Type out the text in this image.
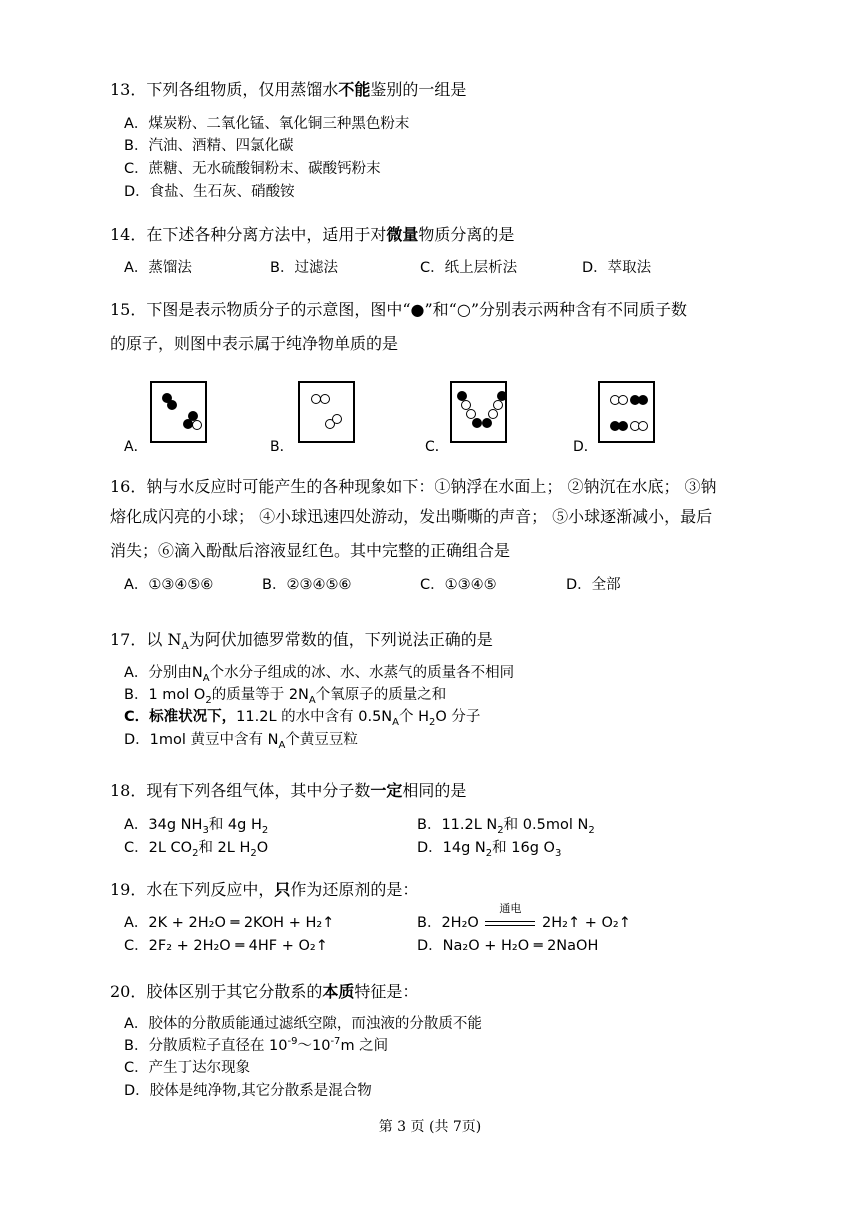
13．下列各组物质，仅用蒸馏水不能鉴别的一组是
A．煤炭粉、二氧化锰、氧化铜三种黑色粉末
B．汽油、酒精、四氯化碳
C．蔗糖、无水硫酸铜粉末、碳酸钙粉末
D．食盐、生石灰、硝酸铵
14．在下述各种分离方法中，适用于对微量物质分离的是
A．蒸馏法	B．过滤法	C．纸上层析法	D．萃取法
15．下图是表示物质分子的示意图，图中“●”和“○”分别表示两种含有不同质子数
的原子，则图中表示属于纯净物单质的是
A．	B．	C．	D．
16．钠与水反应时可能产生的各种现象如下：①钠浮在水面上； ②钠沉在水底； ③钠
熔化成闪亮的小球； ④小球迅速四处游动，发出嘶嘶的声音； ⑤小球逐渐减小，最后
消失；⑥滴入酚酞后溶液显红色。其中完整的正确组合是
A．①③④⑤⑥	B．②③④⑤⑥	C．①③④⑤	D．全部
17．以 $N_A$为阿伏加德罗常数的值，下列说法正确的是
A．分别由$N_A$个水分子组成的冰、水、水蒸气的质量各不相同
B．1 mol $O_2$的质量等于 $2N_A$个氧原子的质量之和
C．标准状况下，11.2L 的水中含有 $0.5N_A$个 $H_2O$ 分子
D．1mol 黄豆中含有 $N_A$个黄豆豆粒
18．现有下列各组气体，其中分子数一定相同的是
A．34g $NH_3$和 4g $H_2$	B．11.2L $N_2$和 0.5mol $N_2$
C．2L $CO_2$和 2L $H_2O$	D．14g $N_2$和 16g $O_3$
19．水在下列反应中，只作为还原剂的是：
A．2K + 2H₂O ═ 2KOH + H₂↑	B．2H₂O
通电
2H₂↑ + O₂↑
C．2F₂ + 2H₂O ═ 4HF + O₂↑	D．Na₂O + H₂O ═ 2NaOH
20．胶体区别于其它分散系的本质特征是：
A．胶体的分散质能通过滤纸空隙，而浊液的分散质不能
B．分散质粒子直径在 $10^{-9}\sim 10^{-7}m$ 之间
C．产生丁达尔现象
D．胶体是纯净物,其它分散系是混合物
第 3 页 (共 7页)
